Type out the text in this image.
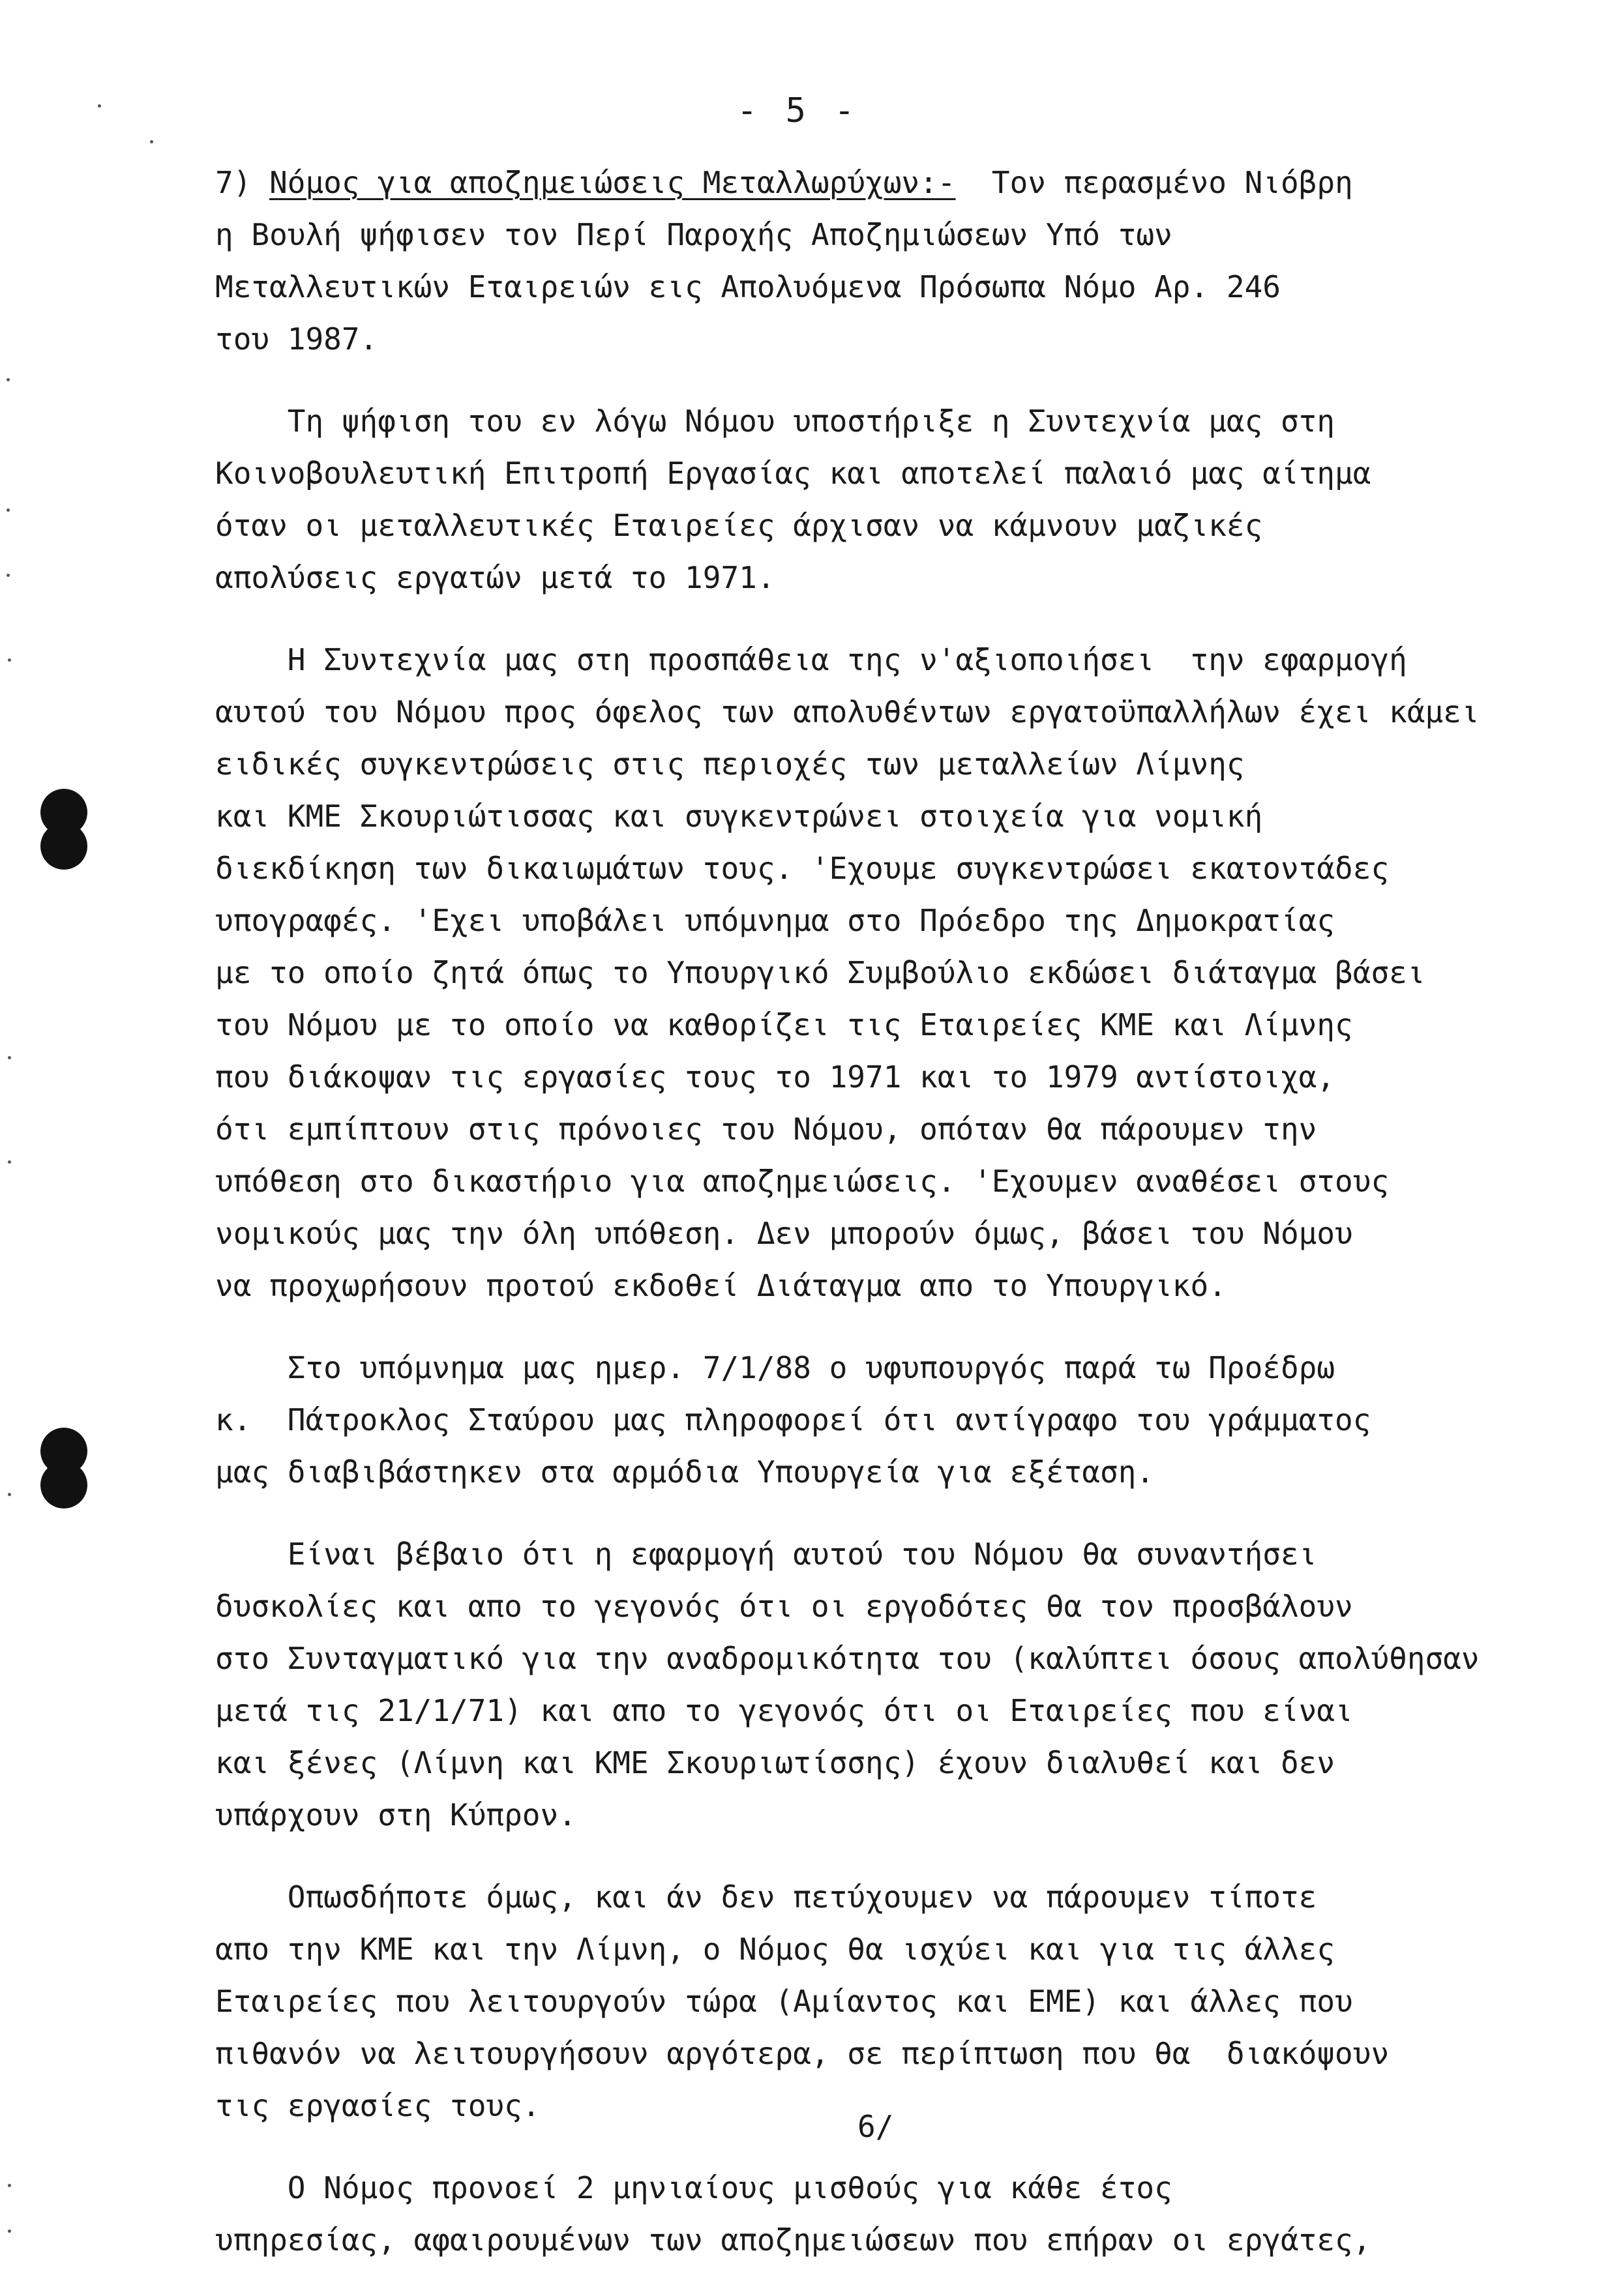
- 5 -
7) Νόμος για αποζημειώσεις Μεταλλωρύχων:- Τον περασμένο Νιόβρη
η Βουλή ψήφισεν τον Περί Παροχής Αποζημιώσεων Υπό των
Μεταλλευτικών Εταιρειών εις Απολυόμενα Πρόσωπα Νόμο Αρ. 246
του 1987.
Τη ψήφιση του εν λόγω Νόμου υποστήριξε η Συντεχνία μας στη
Κοινοβουλευτική Επιτροπή Εργασίας και αποτελεί παλαιό μας αίτημα
όταν οι μεταλλευτικές Εταιρείες άρχισαν να κάμνουν μαζικές
απολύσεις εργατών μετά το 1971.
Η Συντεχνία μας στη προσπάθεια της ν'αξιοποιήσει  την εφαρμογή
αυτού του Νόμου προς όφελος των απολυθέντων εργατοϋπαλλήλων έχει κάμει
ειδικές συγκεντρώσεις στις περιοχές των μεταλλείων Λίμνης
και ΚΜΕ Σκουριώτισσας και συγκεντρώνει στοιχεία για νομική
διεκδίκηση των δικαιωμάτων τους. 'Εχουμε συγκεντρώσει εκατοντάδες
υπογραφές. 'Εχει υποβάλει υπόμνημα στο Πρόεδρο της Δημοκρατίας
με το οποίο ζητά όπως το Υπουργικό Συμβούλιο εκδώσει διάταγμα βάσει
του Νόμου με το οποίο να καθορίζει τις Εταιρείες ΚΜΕ και Λίμνης
που διάκοψαν τις εργασίες τους το 1971 και το 1979 αντίστοιχα,
ότι εμπίπτουν στις πρόνοιες του Νόμου, οπόταν θα πάρουμεν την
υπόθεση στο δικαστήριο για αποζημειώσεις. 'Εχουμεν αναθέσει στους
νομικούς μας την όλη υπόθεση. Δεν μπορούν όμως, βάσει του Νόμου
να προχωρήσουν προτού εκδοθεί Διάταγμα απο το Υπουργικό.
Στο υπόμνημα μας ημερ. 7/1/88 ο υφυπουργός παρά τω Προέδρω
κ.  Πάτροκλος Σταύρου μας πληροφορεί ότι αντίγραφο του γράμματος
μας διαβιβάστηκεν στα αρμόδια Υπουργεία για εξέταση.
Είναι βέβαιο ότι η εφαρμογή αυτού του Νόμου θα συναντήσει
δυσκολίες και απο το γεγονός ότι οι εργοδότες θα τον προσβάλουν
στο Συνταγματικό για την αναδρομικότητα του (καλύπτει όσους απολύθησαν
μετά τις 21/1/71) και απο το γεγονός ότι οι Εταιρείες που είναι
και ξένες (Λίμνη και ΚΜΕ Σκουριωτίσσης) έχουν διαλυθεί και δεν
υπάρχουν στη Κύπρον.
Οπωσδήποτε όμως, και άν δεν πετύχουμεν να πάρουμεν τίποτε
απο την ΚΜΕ και την Λίμνη, ο Νόμος θα ισχύει και για τις άλλες
Εταιρείες που λειτουργούν τώρα (Αμίαντος και ΕΜΕ) και άλλες που
πιθανόν να λειτουργήσουν αργότερα, σε περίπτωση που θα  διακόψουν
τις εργασίες τους.
Ο Νόμος προνοεί 2 μηνιαίους μισθούς για κάθε έτος
υπηρεσίας, αφαιρουμένων των αποζημειώσεων που επήραν οι εργάτες,
6/
